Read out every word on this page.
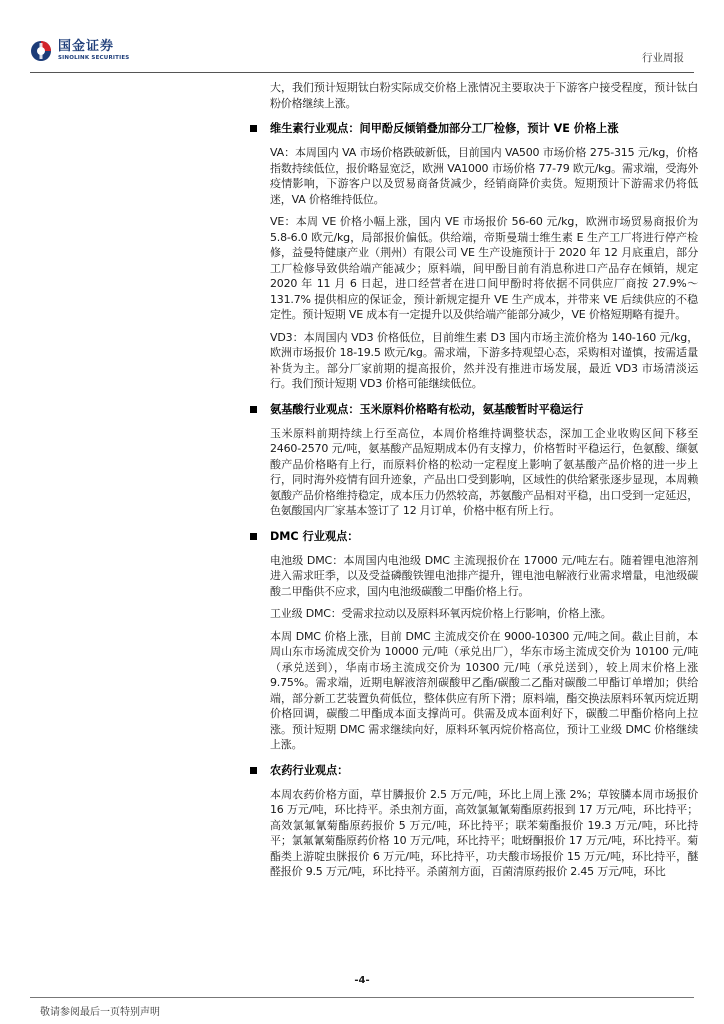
国金证券
SINOLINK SECURITIES	行业周报

大，我们预计短期钛白粉实际成交价格上涨情况主要取决于下游客户接受程度，预计钛白粉价格继续上涨。

维生素行业观点：间甲酚反倾销叠加部分工厂检修，预计 VE 价格上涨

VA：本周国内 VA 市场价格跌破新低，目前国内 VA500 市场价格 275-315 元/kg，价格指数持续低位，报价略显宽泛，欧洲 VA1000 市场价格 77-79 欧元/kg。需求端，受海外疫情影响，下游客户以及贸易商备货减少，经销商降价卖货。短期预计下游需求仍将低迷，VA 价格维持低位。

VE：本周 VE 价格小幅上涨，国内 VE 市场报价 56-60 元/kg，欧洲市场贸易商报价为 5.8-6.0 欧元/kg，局部报价偏低。供给端，帝斯曼瑞士维生素 E 生产工厂将进行停产检修，益曼特健康产业（荆州）有限公司 VE 生产设施预计于 2020 年 12 月底重启，部分工厂检修导致供给端产能减少；原料端，间甲酚目前有消息称进口产品存在倾销，规定 2020 年 11 月 6 日起，进口经营者在进口间甲酚时将依据不同供应厂商按 27.9%～131.7% 提供相应的保证金，预计新规定提升 VE 生产成本，并带来 VE 后续供应的不稳定性。预计短期 VE 成本有一定提升以及供给端产能部分减少，VE 价格短期略有提升。

VD3：本周国内 VD3 价格低位，目前维生素 D3 国内市场主流价格为 140-160 元/kg，欧洲市场报价 18-19.5 欧元/kg。需求端，下游多持观望心态，采购相对谨慎，按需适量补货为主。部分厂家前期的提高报价，然并没有推进市场发展，最近 VD3 市场清淡运行。我们预计短期 VD3 价格可能继续低位。

氨基酸行业观点：玉米原料价格略有松动，氨基酸暂时平稳运行

玉米原料前期持续上行至高位，本周价格维持调整状态，深加工企业收购区间下移至 2460-2570 元/吨，氨基酸产品短期成本仍有支撑力，价格暂时平稳运行，色氨酸、缬氨酸产品价格略有上行，而原料价格的松动一定程度上影响了氨基酸产品价格的进一步上行，同时海外疫情有回升迹象，产品出口受到影响，区域性的供给紧张逐步显现，本周赖氨酸产品价格维持稳定，成本压力仍然较高，苏氨酸产品相对平稳，出口受到一定延迟，色氨酸国内厂家基本签订了 12 月订单，价格中枢有所上行。

DMC 行业观点：

电池级 DMC：本周国内电池级 DMC 主流现报价在 17000 元/吨左右。随着锂电池溶剂进入需求旺季，以及受益磷酸铁锂电池排产提升，锂电池电解液行业需求增量，电池级碳酸二甲酯供不应求，国内电池级碳酸二甲酯价格上行。

工业级 DMC：受需求拉动以及原料环氧丙烷价格上行影响，价格上涨。

本周 DMC 价格上涨，目前 DMC 主流成交价在 9000-10300 元/吨之间。截止目前，本周山东市场流成交价为 10000 元/吨（承兑出厂），华东市场主流成交价为 10100 元/吨（承兑送到），华南市场主流成交价为 10300 元/吨（承兑送到），较上周末价格上涨 9.75%。需求端，近期电解液溶剂碳酸甲乙酯/碳酸二乙酯对碳酸二甲酯订单增加；供给端，部分新工艺装置负荷低位，整体供应有所下滑；原料端，酯交换法原料环氧丙烷近期价格回调，碳酸二甲酯成本面支撑尚可。供需及成本面利好下，碳酸二甲酯价格向上拉涨。预计短期 DMC 需求继续向好，原料环氧丙烷价格高位，预计工业级 DMC 价格继续上涨。

农药行业观点：

本周农药价格方面，草甘膦报价 2.5 万元/吨，环比上周上涨 2%；草铵膦本周市场报价 16 万元/吨，环比持平。杀虫剂方面，高效氯氟氰菊酯原药报到 17 万元/吨，环比持平；高效氯氟氰菊酯原药报价 5 万元/吨，环比持平；联苯菊酯报价 19.3 万元/吨，环比持平；氯氟氰菊酯原药价格 10 万元/吨，环比持平；吡蚜酮报价 17 万元/吨，环比持平。菊酯类上游啶虫脒报价 6 万元/吨，环比持平，功夫酸市场报价 15 万元/吨，环比持平，醚醛报价 9.5 万元/吨，环比持平。杀菌剂方面，百菌清原药报价 2.45 万元/吨，环比

-4-
敬请参阅最后一页特别声明
